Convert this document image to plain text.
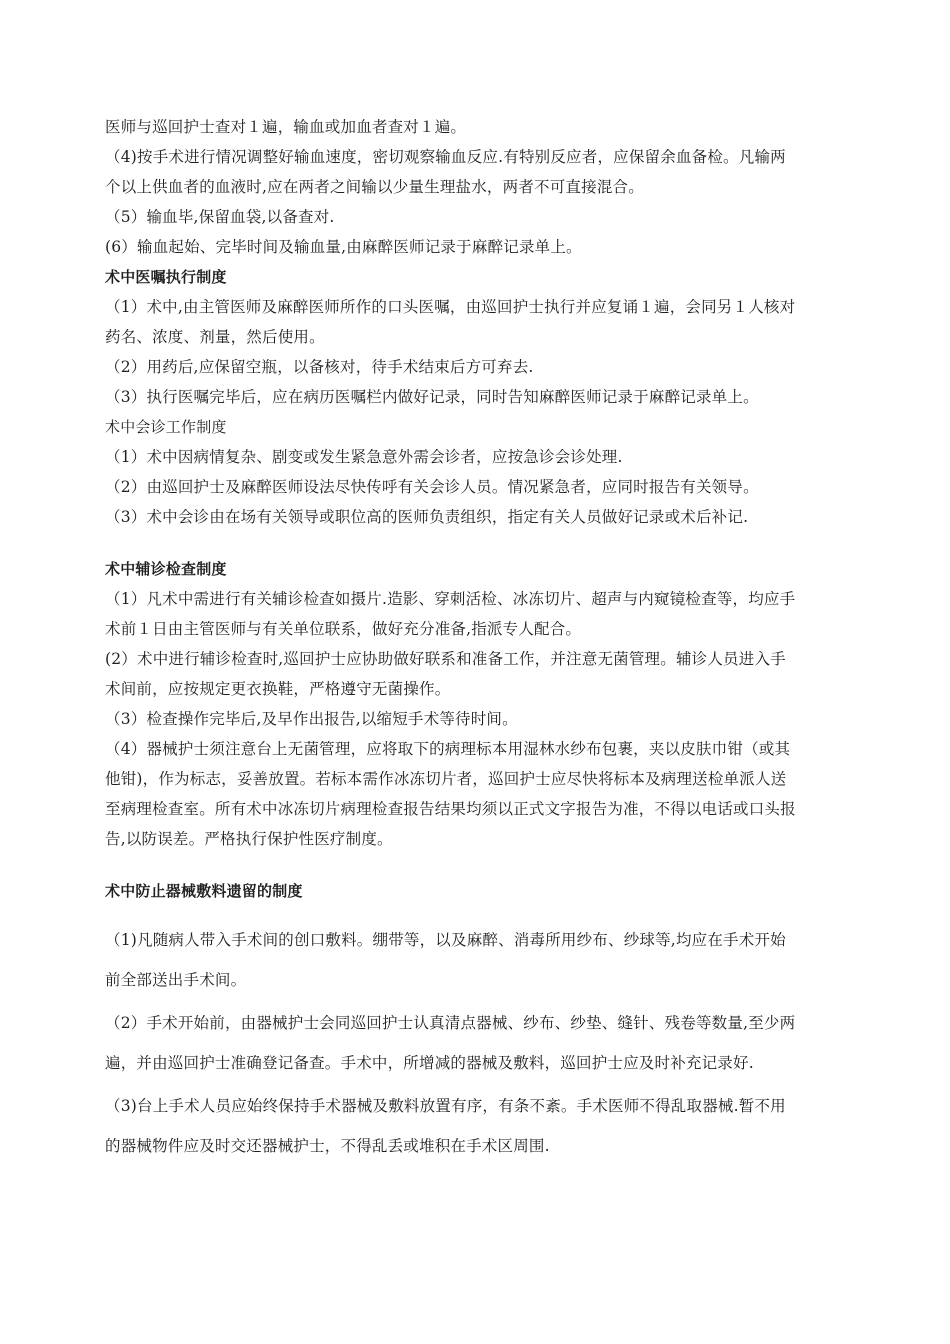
医师与巡回护士查对１遍，输血或加血者查对１遍。

（4)按手术进行情况调整好输血速度，密切观察输血反应.有特别反应者，应保留余血备检。凡输两
个以上供血者的血液时,应在两者之间输以少量生理盐水，两者不可直接混合。

（5）输血毕,保留血袋,以备查对.

(6）输血起始、完毕时间及输血量,由麻醉医师记录于麻醉记录单上。

术中医嘱执行制度

（1）术中,由主管医师及麻醉医师所作的口头医嘱，由巡回护士执行并应复诵１遍，会同另１人核对
药名、浓度、剂量，然后使用。

（2）用药后,应保留空瓶，以备核对，待手术结束后方可弃去.

（3）执行医嘱完毕后，应在病历医嘱栏内做好记录，同时告知麻醉医师记录于麻醉记录单上。

术中会诊工作制度

（1）术中因病情复杂、剧变或发生紧急意外需会诊者，应按急诊会诊处理.

（2）由巡回护士及麻醉医师设法尽快传呼有关会诊人员。情况紧急者，应同时报告有关领导。

（3）术中会诊由在场有关领导或职位高的医师负责组织，指定有关人员做好记录或术后补记.

术中辅诊检查制度

（1）凡术中需进行有关辅诊检查如摄片.造影、穿刺活检、冰冻切片、超声与内窥镜检查等，均应手
术前１日由主管医师与有关单位联系，做好充分准备,指派专人配合。

(2）术中进行辅诊检查时,巡回护士应协助做好联系和准备工作，并注意无菌管理。辅诊人员进入手
术间前，应按规定更衣换鞋，严格遵守无菌操作。

（3）检查操作完毕后,及早作出报告,以缩短手术等待时间。

（4）器械护士须注意台上无菌管理，应将取下的病理标本用湿林水纱布包裹，夹以皮肤巾钳（或其
他钳)，作为标志，妥善放置。若标本需作冰冻切片者，巡回护士应尽快将标本及病理送检单派人送
至病理检查室。所有术中冰冻切片病理检查报告结果均须以正式文字报告为准，不得以电话或口头报
告,以防误差。严格执行保护性医疗制度。

术中防止器械敷料遗留的制度

（1)凡随病人带入手术间的创口敷料。绷带等，以及麻醉、消毒所用纱布、纱球等,均应在手术开始
前全部送出手术间。

（2）手术开始前，由器械护士会同巡回护士认真清点器械、纱布、纱垫、缝针、残卷等数量,至少两
遍，并由巡回护士准确登记备查。手术中，所增减的器械及敷料，巡回护士应及时补充记录好.

（3)台上手术人员应始终保持手术器械及敷料放置有序，有条不紊。手术医师不得乱取器械.暂不用
的器械物件应及时交还器械护士，不得乱丢或堆积在手术区周围.
